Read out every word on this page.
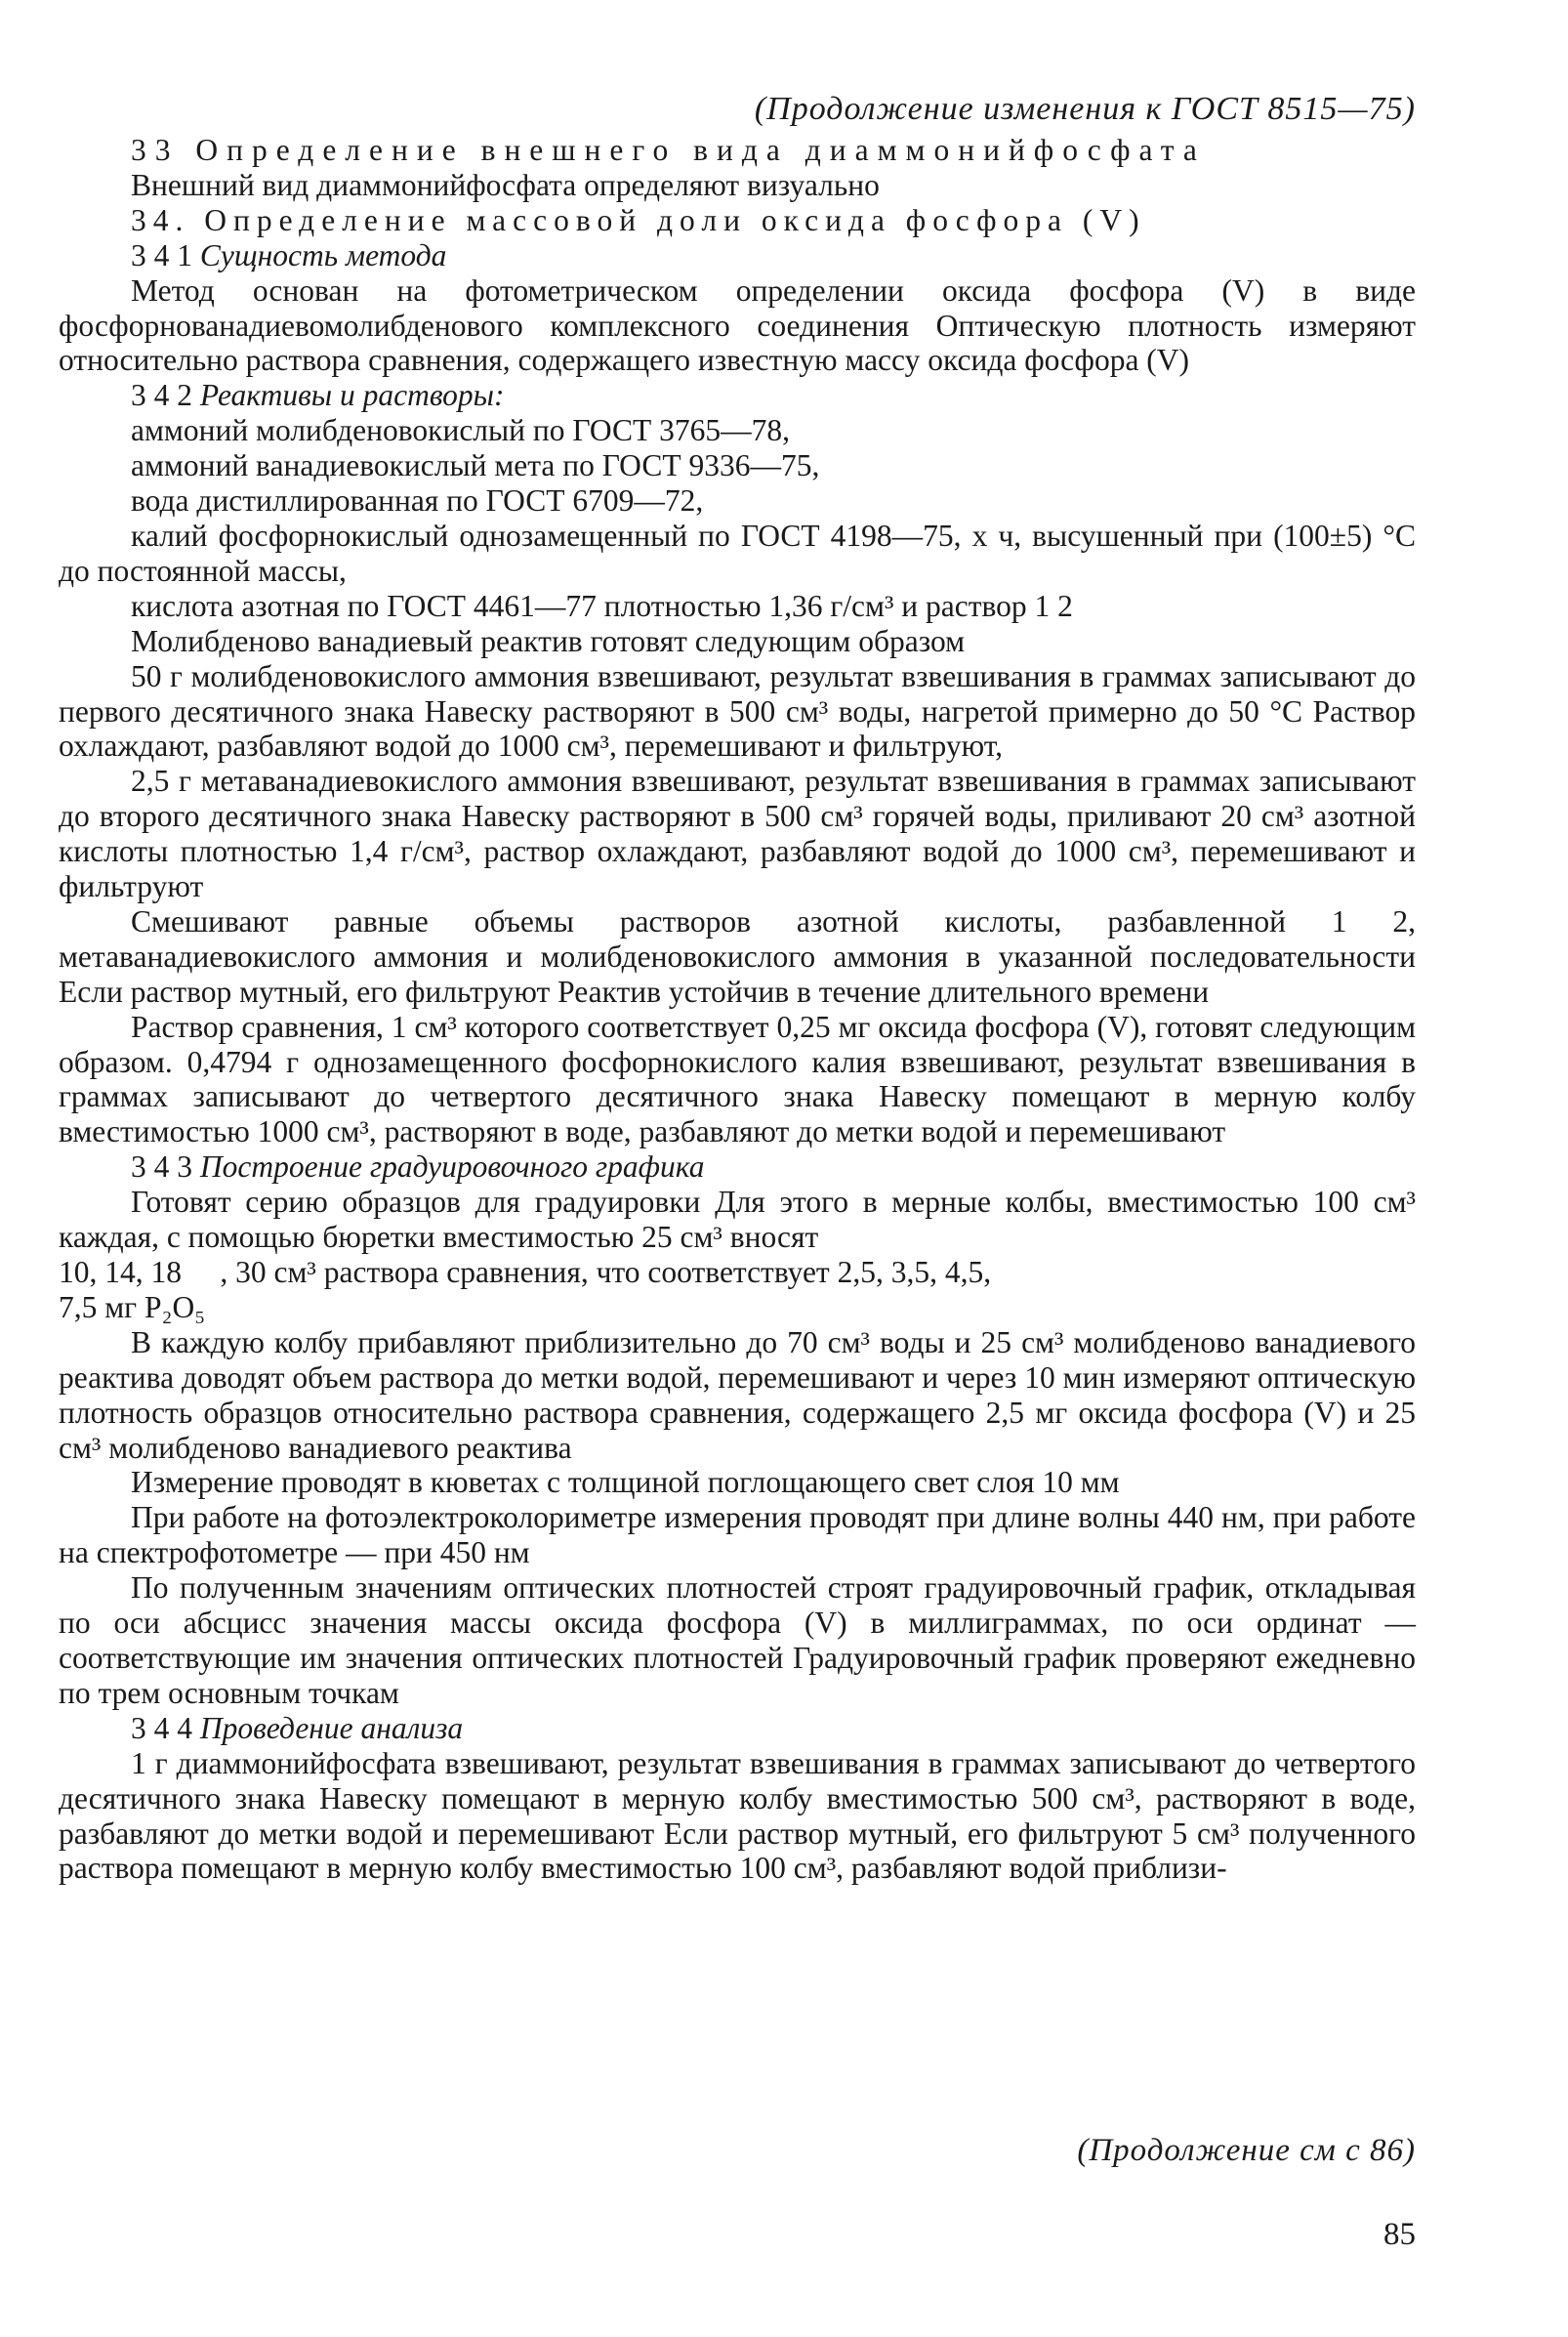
(Продолжение изменения к ГОСТ 8515—75)

33 Определение внешнего вида диаммонийфосфата

Внешний вид диаммонийфосфата определяют визуально

34. Определение массовой доли оксида фосфора (V)

3 4 1 Сущность метода

Метод основан на фотометрическом определении оксида фосфора (V) в виде фосфорнованадиевомолибденового комплексного соединения Оптическую плотность измеряют относительно раствора сравнения, содержащего известную массу оксида фосфора (V)

3 4 2 Реактивы и растворы:

аммоний молибденовокислый по ГОСТ 3765—78,

аммоний ванадиевокислый мета по ГОСТ 9336—75,

вода дистиллированная по ГОСТ 6709—72,

калий фосфорнокислый однозамещенный по ГОСТ 4198—75, х ч, высушенный при (100±5) °С до постоянной массы,

кислота азотная по ГОСТ 4461—77 плотностью 1,36 г/см³ и раствор 1 2

Молибденово ванадиевый реактив готовят следующим образом

50 г молибденовокислого аммония взвешивают, результат взвешивания в граммах записывают до первого десятичного знака Навеску растворяют в 500 см³ воды, нагретой примерно до 50 °С Раствор охлаждают, разбавляют водой до 1000 см³, перемешивают и фильтруют,

2,5 г метаванадиевокислого аммония взвешивают, результат взвешивания в граммах записывают до второго десятичного знака Навеску растворяют в 500 см³ горячей воды, приливают 20 см³ азотной кислоты плотностью 1,4 г/см³, раствор охлаждают, разбавляют водой до 1000 см³, перемешивают и фильтруют

Смешивают равные объемы растворов азотной кислоты, разбавленной 1 2, метаванадиевокислого аммония и молибденовокислого аммония в указанной последовательности Если раствор мутный, его фильтруют Реактив устойчив в течение длительного времени

Раствор сравнения, 1 см³ которого соответствует 0,25 мг оксида фосфора (V), готовят следующим образом. 0,4794 г однозамещенного фосфорнокислого калия взвешивают, результат взвешивания в граммах записывают до четвертого десятичного знака Навеску помещают в мерную колбу вместимостью 1000 см³, растворяют в воде, разбавляют до метки водой и перемешивают

3 4 3 Построение градуировочного графика

Готовят серию образцов для градуировки Для этого в мерные колбы, вместимостью 100 см³ каждая, с помощью бюретки вместимостью 25 см³ вносят

10, 14, 18     , 30 см³ раствора сравнения, что соответствует 2,5, 3,5, 4,5,

7,5 мг P₂O₅

В каждую колбу прибавляют приблизительно до 70 см³ воды и 25 см³ молибденово ванадиевого реактива доводят объем раствора до метки водой, перемешивают и через 10 мин измеряют оптическую плотность образцов относительно раствора сравнения, содержащего 2,5 мг оксида фосфора (V) и 25 см³ молибденово ванадиевого реактива

Измерение проводят в кюветах с толщиной поглощающего свет слоя 10 мм

При работе на фотоэлектроколориметре измерения проводят при длине волны 440 нм, при работе на спектрофотометре — при 450 нм

По полученным значениям оптических плотностей строят градуировочный график, откладывая по оси абсцисс значения массы оксида фосфора (V) в миллиграммах, по оси ординат — соответствующие им значения оптических плотностей Градуировочный график проверяют ежедневно по трем основным точкам

3 4 4 Проведение анализа

1 г диаммонийфосфата взвешивают, результат взвешивания в граммах записывают до четвертого десятичного знака Навеску помещают в мерную колбу вместимостью 500 см³, растворяют в воде, разбавляют до метки водой и перемешивают Если раствор мутный, его фильтруют 5 см³ полученного раствора помещают в мерную колбу вместимостью 100 см³, разбавляют водой приблизи-

(Продолжение см с 86)
85
